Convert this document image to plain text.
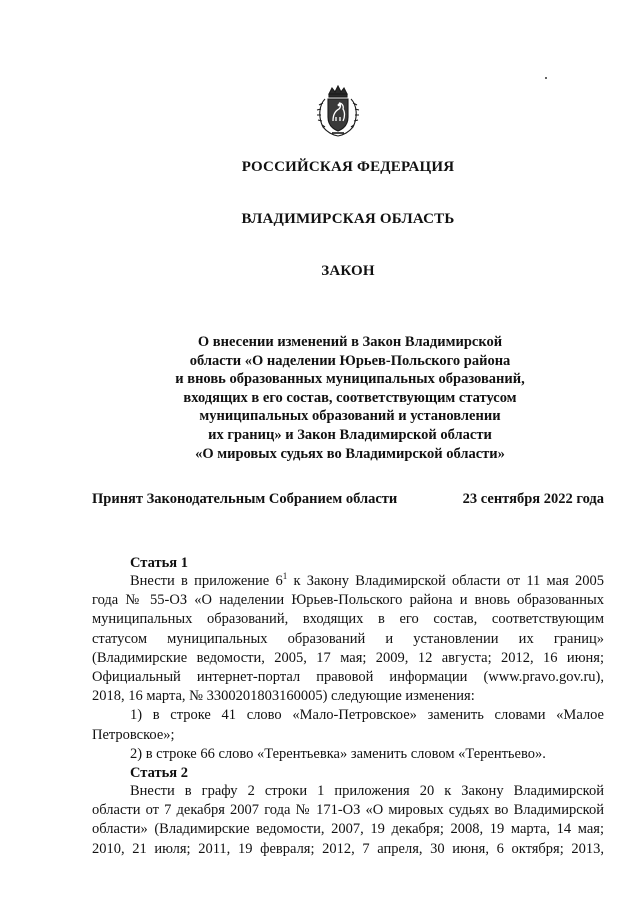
РОССИЙСКАЯ ФЕДЕРАЦИЯ
ВЛАДИМИРСКАЯ ОБЛАСТЬ
ЗАКОН
О внесении изменений в Закон Владимирской
области «О наделении Юрьев-Польского района
и вновь образованных муниципальных образований,
входящих в его состав, соответствующим статусом
муниципальных образований и установлении
их границ» и Закон Владимирской области
«О мировых судьях во Владимирской области»
Принят Законодательным Собранием области	23 сентября 2022 года
Статья 1
Внести в приложение $6^1$ к Закону Владимирской области от 11 мая 2005
года № 55-ОЗ «О наделении Юрьев-Польского района и вновь образованных
муниципальных образований, входящих в его состав, соответствующим
статусом муниципальных образований и установлении их границ»
(Владимирские ведомости, 2005, 17 мая; 2009, 12 августа; 2012, 16 июня;
Официальный интернет-портал правовой информации (www.pravo.gov.ru),
2018, 16 марта, № 3300201803160005) следующие изменения:
1) в строке 41 слово «Мало-Петровское» заменить словами «Малое
Петровское»;
2) в строке 66 слово «Терентьевка» заменить словом «Терентьево».
Статья 2
Внести в графу 2 строки 1 приложения 20 к Закону Владимирской
области от 7 декабря 2007 года № 171-ОЗ «О мировых судьях во Владимирской
области» (Владимирские ведомости, 2007, 19 декабря; 2008, 19 марта, 14 мая;
2010, 21 июля; 2011, 19 февраля; 2012, 7 апреля, 30 июня, 6 октября; 2013,
